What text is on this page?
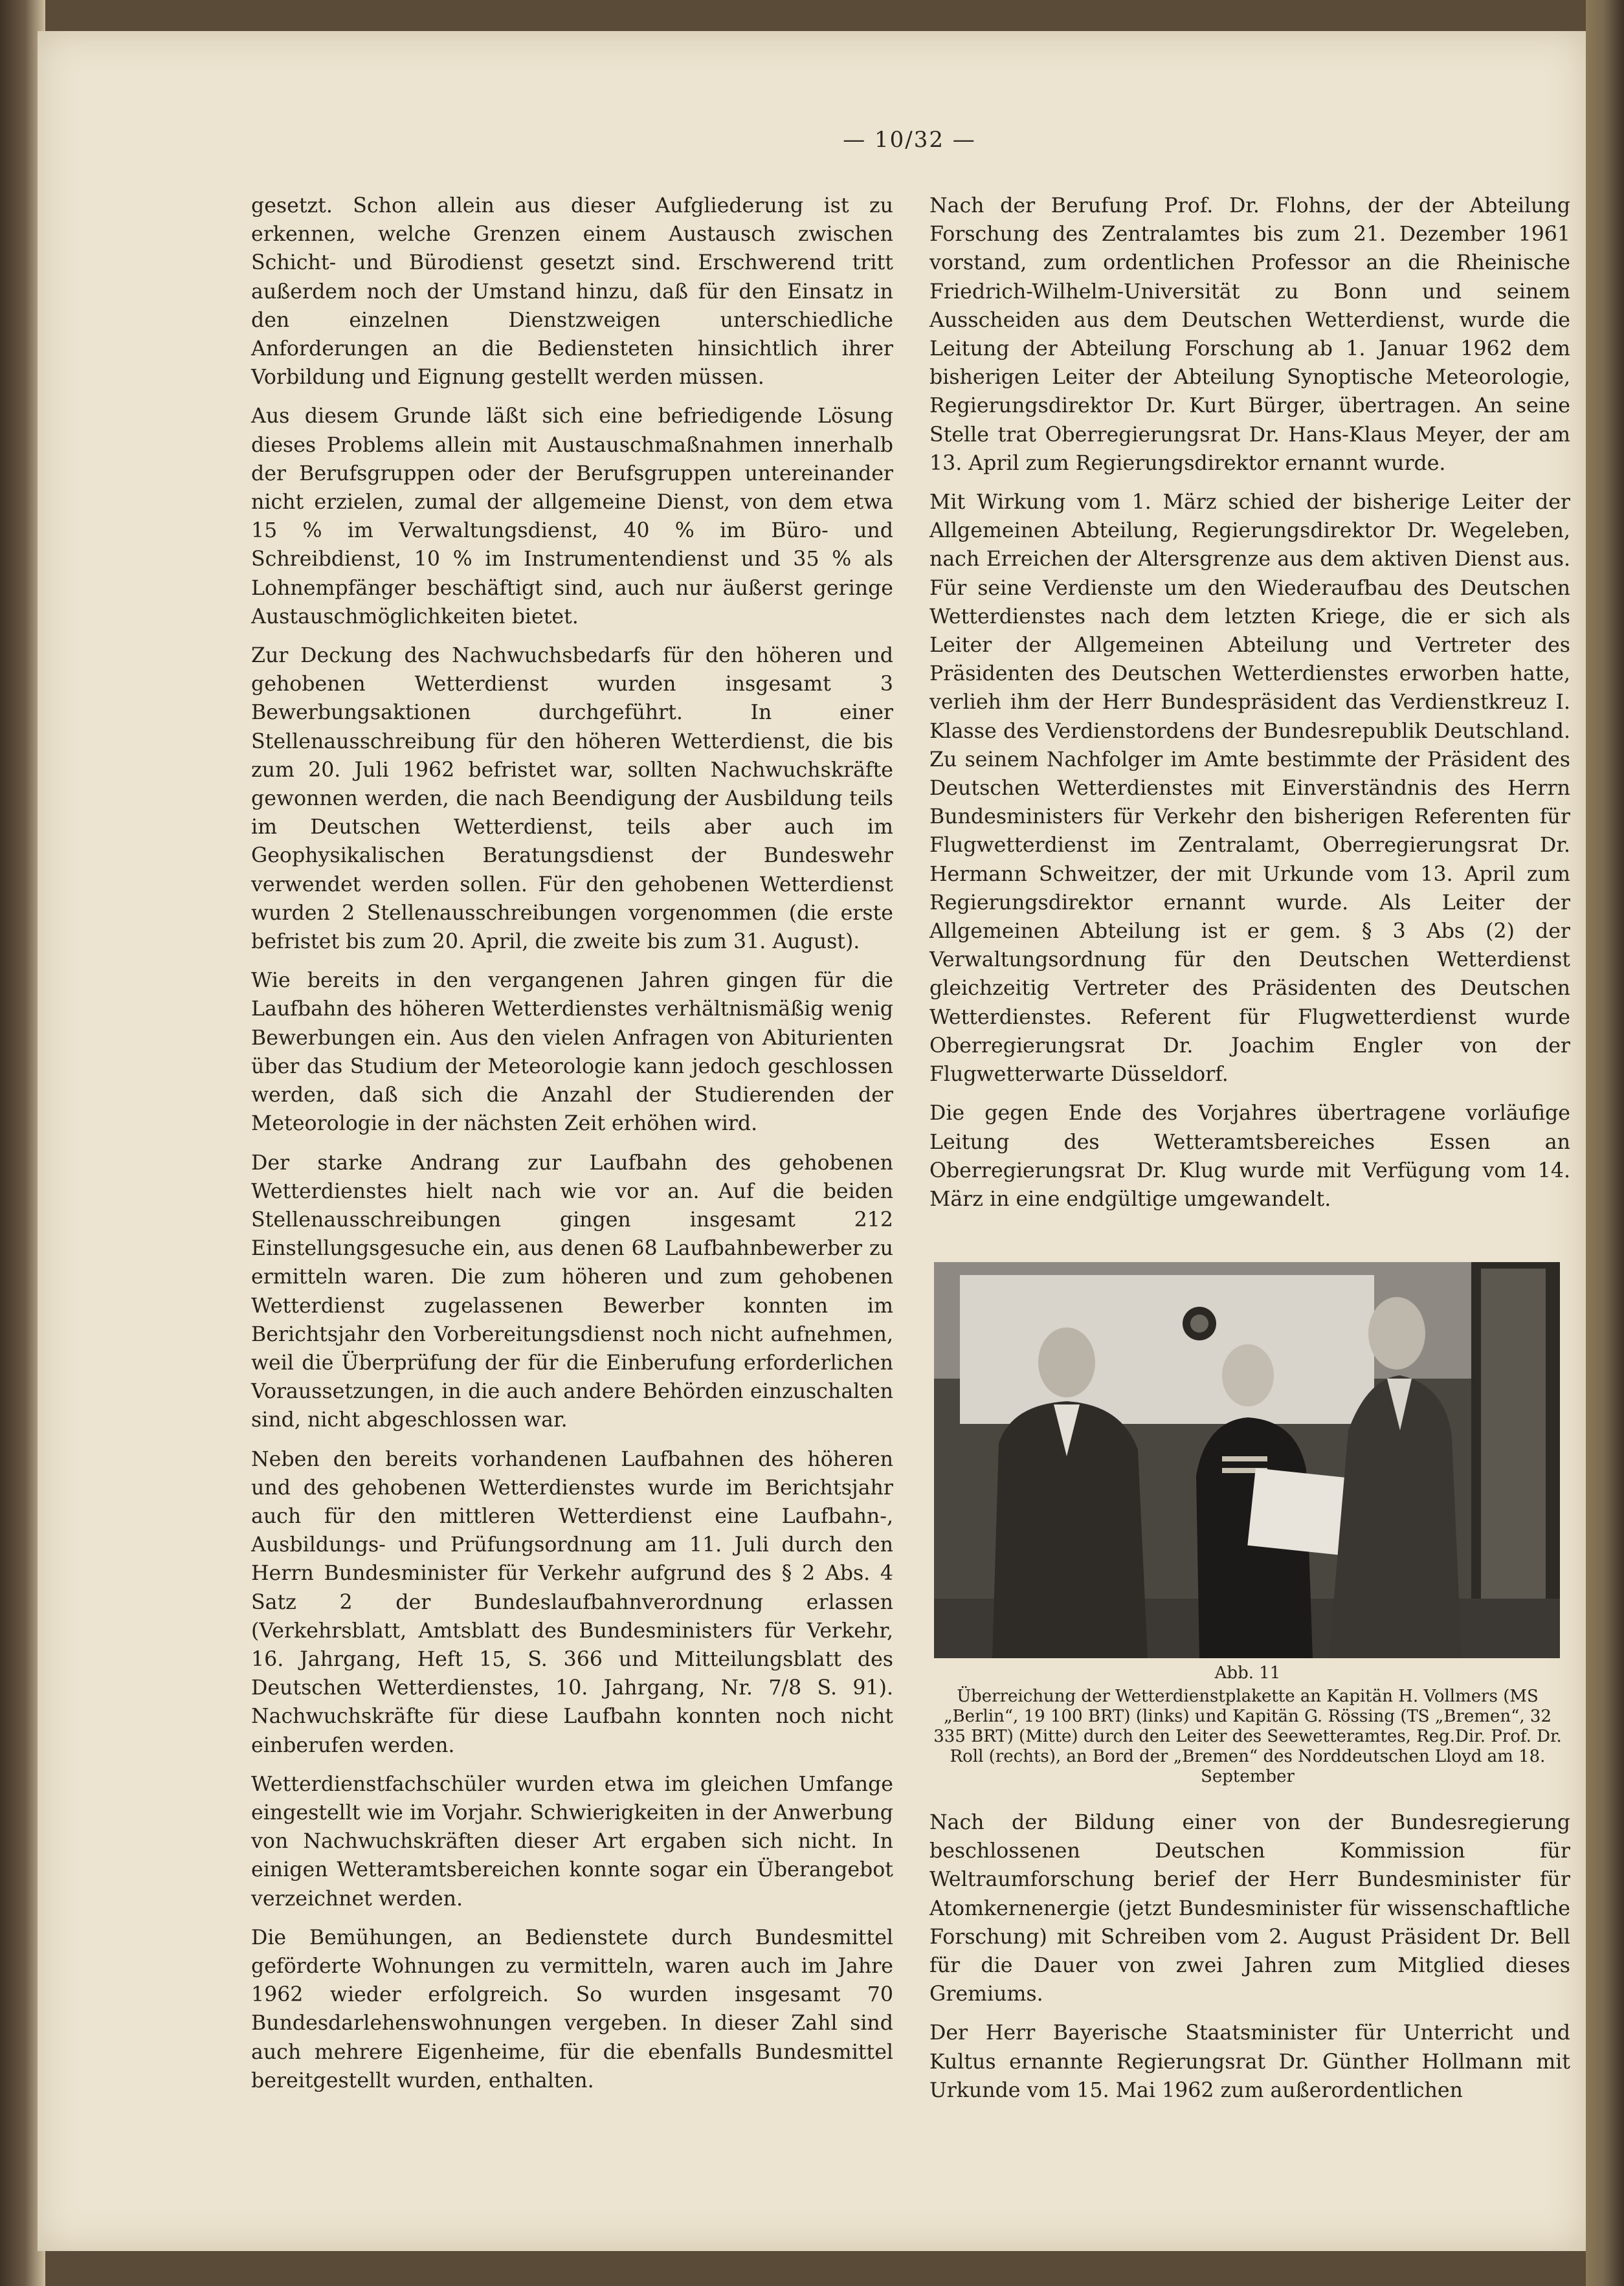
— 10/32 —

gesetzt. Schon allein aus dieser Aufgliederung ist zu erkennen, welche Grenzen einem Austausch zwischen Schicht- und Bürodienst gesetzt sind. Erschwerend tritt außerdem noch der Umstand hinzu, daß für den Einsatz in den einzelnen Dienstzweigen unterschiedliche Anforderungen an die Bediensteten hinsichtlich ihrer Vorbildung und Eignung gestellt werden müssen.

Aus diesem Grunde läßt sich eine befriedigende Lösung dieses Problems allein mit Austauschmaßnahmen innerhalb der Berufsgruppen oder der Berufsgruppen untereinander nicht erzielen, zumal der allgemeine Dienst, von dem etwa 15 % im Verwaltungsdienst, 40 % im Büro- und Schreibdienst, 10 % im Instrumentendienst und 35 % als Lohnempfänger beschäftigt sind, auch nur äußerst geringe Austauschmöglichkeiten bietet.

Zur Deckung des Nachwuchsbedarfs für den höheren und gehobenen Wetterdienst wurden insgesamt 3 Bewerbungsaktionen durchgeführt. In einer Stellenausschreibung für den höheren Wetterdienst, die bis zum 20. Juli 1962 befristet war, sollten Nachwuchskräfte gewonnen werden, die nach Beendigung der Ausbildung teils im Deutschen Wetterdienst, teils aber auch im Geophysikalischen Beratungsdienst der Bundeswehr verwendet werden sollen. Für den gehobenen Wetterdienst wurden 2 Stellenausschreibungen vorgenommen (die erste befristet bis zum 20. April, die zweite bis zum 31. August).

Wie bereits in den vergangenen Jahren gingen für die Laufbahn des höheren Wetterdienstes verhältnismäßig wenig Bewerbungen ein. Aus den vielen Anfragen von Abiturienten über das Studium der Meteorologie kann jedoch geschlossen werden, daß sich die Anzahl der Studierenden der Meteorologie in der nächsten Zeit erhöhen wird.

Der starke Andrang zur Laufbahn des gehobenen Wetterdienstes hielt nach wie vor an. Auf die beiden Stellenausschreibungen gingen insgesamt 212 Einstellungsgesuche ein, aus denen 68 Laufbahnbewerber zu ermitteln waren. Die zum höheren und zum gehobenen Wetterdienst zugelassenen Bewerber konnten im Berichtsjahr den Vorbereitungsdienst noch nicht aufnehmen, weil die Überprüfung der für die Einberufung erforderlichen Voraussetzungen, in die auch andere Behörden einzuschalten sind, nicht abgeschlossen war.

Neben den bereits vorhandenen Laufbahnen des höheren und des gehobenen Wetterdienstes wurde im Berichtsjahr auch für den mittleren Wetterdienst eine Laufbahn-, Ausbildungs- und Prüfungsordnung am 11. Juli durch den Herrn Bundesminister für Verkehr aufgrund des § 2 Abs. 4 Satz 2 der Bundeslaufbahnverordnung erlassen (Verkehrsblatt, Amtsblatt des Bundesministers für Verkehr, 16. Jahrgang, Heft 15, S. 366 und Mitteilungsblatt des Deutschen Wetterdienstes, 10. Jahrgang, Nr. 7/8 S. 91). Nachwuchskräfte für diese Laufbahn konnten noch nicht einberufen werden.

Wetterdienstfachschüler wurden etwa im gleichen Umfange eingestellt wie im Vorjahr. Schwierigkeiten in der Anwerbung von Nachwuchskräften dieser Art ergaben sich nicht. In einigen Wetteramtsbereichen konnte sogar ein Überangebot verzeichnet werden.

Die Bemühungen, an Bedienstete durch Bundesmittel geförderte Wohnungen zu vermitteln, waren auch im Jahre 1962 wieder erfolgreich. So wurden insgesamt 70 Bundesdarlehenswohnungen vergeben. In dieser Zahl sind auch mehrere Eigenheime, für die ebenfalls Bundesmittel bereitgestellt wurden, enthalten.

Nach der Berufung Prof. Dr. Flohns, der der Abteilung Forschung des Zentralamtes bis zum 21. Dezember 1961 vorstand, zum ordentlichen Professor an die Rheinische Friedrich-Wilhelm-Universität zu Bonn und seinem Ausscheiden aus dem Deutschen Wetterdienst, wurde die Leitung der Abteilung Forschung ab 1. Januar 1962 dem bisherigen Leiter der Abteilung Synoptische Meteorologie, Regierungsdirektor Dr. Kurt Bürger, übertragen. An seine Stelle trat Oberregierungsrat Dr. Hans-Klaus Meyer, der am 13. April zum Regierungsdirektor ernannt wurde.

Mit Wirkung vom 1. März schied der bisherige Leiter der Allgemeinen Abteilung, Regierungsdirektor Dr. Wegeleben, nach Erreichen der Altersgrenze aus dem aktiven Dienst aus. Für seine Verdienste um den Wiederaufbau des Deutschen Wetterdienstes nach dem letzten Kriege, die er sich als Leiter der Allgemeinen Abteilung und Vertreter des Präsidenten des Deutschen Wetterdienstes erworben hatte, verlieh ihm der Herr Bundespräsident das Verdienstkreuz I. Klasse des Verdienstordens der Bundesrepublik Deutschland. Zu seinem Nachfolger im Amte bestimmte der Präsident des Deutschen Wetterdienstes mit Einverständnis des Herrn Bundesministers für Verkehr den bisherigen Referenten für Flugwetterdienst im Zentralamt, Oberregierungsrat Dr. Hermann Schweitzer, der mit Urkunde vom 13. April zum Regierungsdirektor ernannt wurde. Als Leiter der Allgemeinen Abteilung ist er gem. § 3 Abs (2) der Verwaltungsordnung für den Deutschen Wetterdienst gleichzeitig Vertreter des Präsidenten des Deutschen Wetterdienstes. Referent für Flugwetterdienst wurde Oberregierungsrat Dr. Joachim Engler von der Flugwetterwarte Düsseldorf.

Die gegen Ende des Vorjahres übertragene vorläufige Leitung des Wetteramtsbereiches Essen an Oberregierungsrat Dr. Klug wurde mit Verfügung vom 14. März in eine endgültige umgewandelt.

Abb. 11
Überreichung der Wetterdienstplakette an Kapitän H. Vollmers (MS „Berlin“, 19 100 BRT) (links) und Kapitän G. Rössing (TS „Bremen“, 32 335 BRT) (Mitte) durch den Leiter des Seewetteramtes, Reg.Dir. Prof. Dr. Roll (rechts), an Bord der „Bremen“ des Norddeutschen Lloyd am 18. September

Nach der Bildung einer von der Bundesregierung beschlossenen Deutschen Kommission für Weltraumforschung berief der Herr Bundesminister für Atomkernenergie (jetzt Bundesminister für wissenschaftliche Forschung) mit Schreiben vom 2. August Präsident Dr. Bell für die Dauer von zwei Jahren zum Mitglied dieses Gremiums.

Der Herr Bayerische Staatsminister für Unterricht und Kultus ernannte Regierungsrat Dr. Günther Hollmann mit Urkunde vom 15. Mai 1962 zum außerordentlichen
